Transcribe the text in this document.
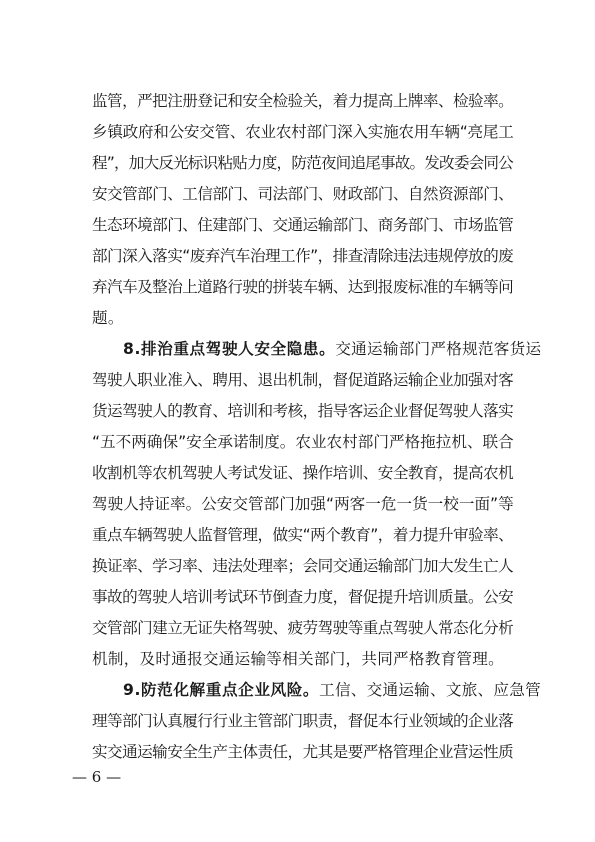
监管，严把注册登记和安全检验关，着力提高上牌率、检验率。
乡镇政府和公安交管、农业农村部门深入实施农用车辆“亮尾工
程”，加大反光标识粘贴力度，防范夜间追尾事故。发改委会同公
安交管部门、工信部门、司法部门、财政部门、自然资源部门、
生态环境部门、住建部门、交通运输部门、商务部门、市场监管
部门深入落实“废弃汽车治理工作”，排查清除违法违规停放的废
弃汽车及整治上道路行驶的拼装车辆、达到报废标准的车辆等问
题。
8.排治重点驾驶人安全隐患。 交通运输部门严格规范客货运
驾驶人职业准入、聘用、退出机制，督促道路运输企业加强对客
货运驾驶人的教育、培训和考核，指导客运企业督促驾驶人落实
“五不两确保”安全承诺制度。农业农村部门严格拖拉机、联合
收割机等农机驾驶人考试发证、操作培训、安全教育，提高农机
驾驶人持证率。公安交管部门加强“两客一危一货一校一面”等
重点车辆驾驶人监督管理，做实“两个教育”，着力提升审验率、
换证率、学习率、违法处理率；会同交通运输部门加大发生亡人
事故的驾驶人培训考试环节倒查力度，督促提升培训质量。公安
交管部门建立无证失格驾驶、疲劳驾驶等重点驾驶人常态化分析
机制，及时通报交通运输等相关部门，共同严格教育管理。
9.防范化解重点企业风险。 工信、交通运输、文旅、应急管
理等部门认真履行行业主管部门职责，督促本行业领域的企业落
实交通运输安全生产主体责任，尤其是要严格管理企业营运性质
— 6 —
